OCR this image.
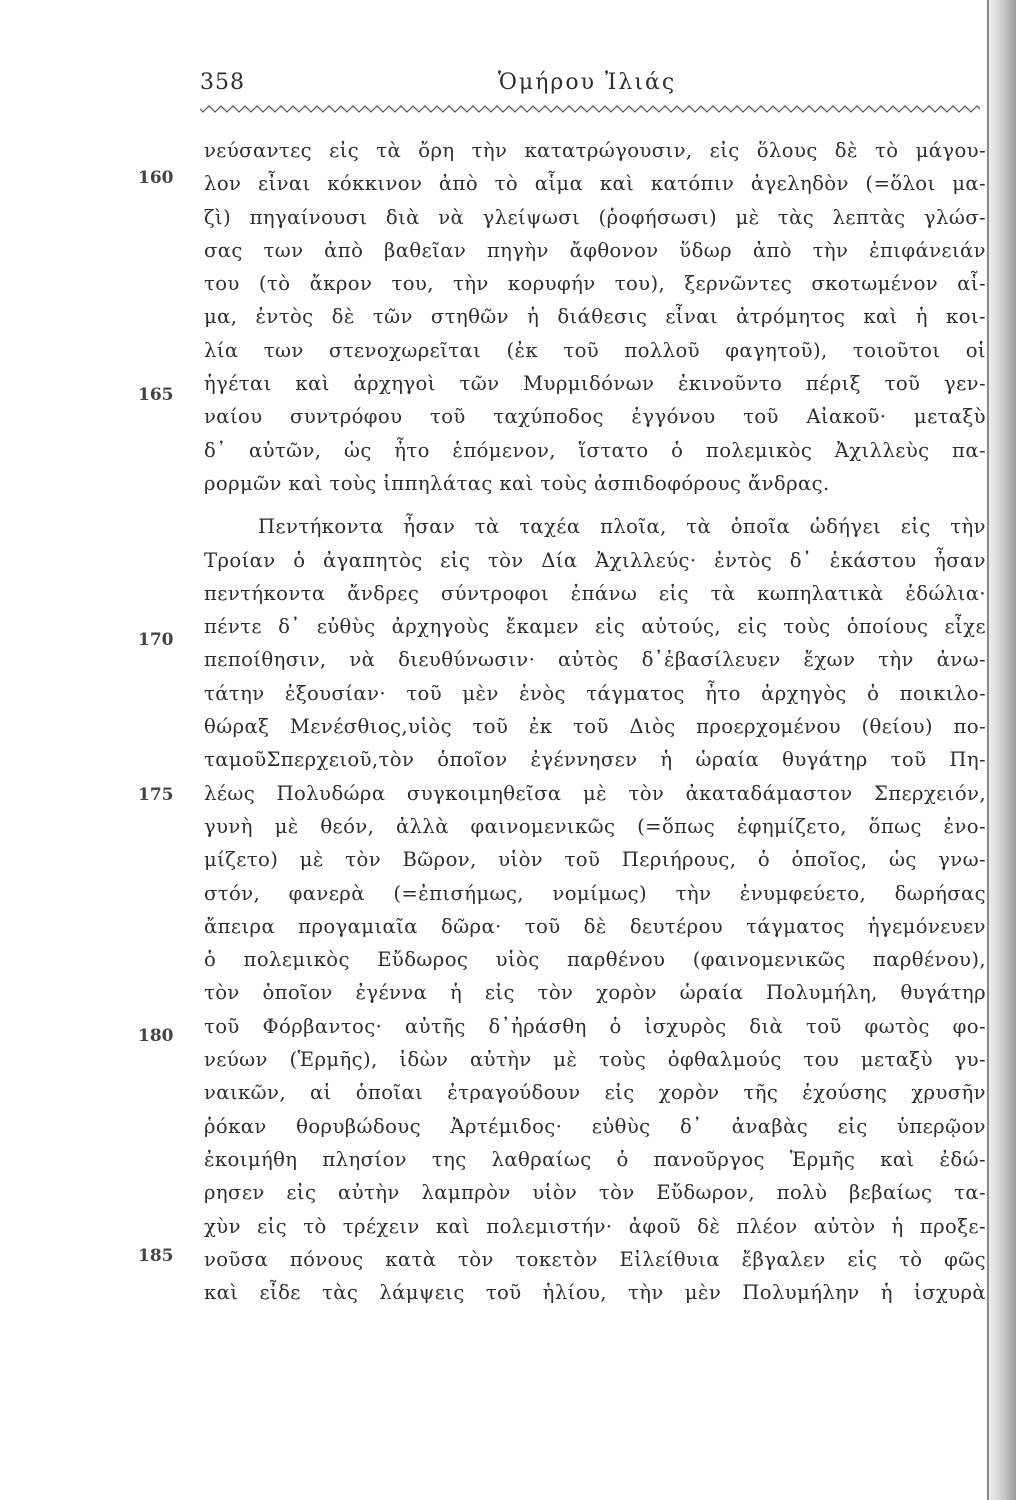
358	Ὁμήρου Ἰλιάς
160
165
170
175
180
185
νεύσαντες εἰς τὰ ὄρη τὴν κατατρώγουσιν, εἰς ὅλους δὲ τὸ μάγου-
λον εἶναι κόκκινον ἀπὸ τὸ αἷμα καὶ κατόπιν ἀγεληδὸν (=ὅλοι μα-
ζὶ) πηγαίνουσι διὰ νὰ γλείψωσι (ῥοφήσωσι) μὲ τὰς λεπτὰς γλώσ-
σας των ἀπὸ βαθεῖαν πηγὴν ἄφθονον ὕδωρ ἀπὸ τὴν ἐπιφάνειάν
του (τὸ ἄκρον του, τὴν κορυφήν του), ξερνῶντες σκοτωμένον αἷ-
μα, ἐντὸς δὲ τῶν στηθῶν ἡ διάθεσις εἶναι ἀτρόμητος καὶ ἡ κοι-
λία των στενοχωρεῖται (ἐκ τοῦ πολλοῦ φαγητοῦ), τοιοῦτοι οἱ
ἡγέται καὶ ἀρχηγοὶ τῶν Μυρμιδόνων ἐκινοῦντο πέριξ τοῦ γεν-
ναίου συντρόφου τοῦ ταχύποδος ἐγγόνου τοῦ Αἰακοῦ· μεταξὺ
δ᾽ αὐτῶν, ὡς ἦτο ἑπόμενον, ἵστατο ὁ πολεμικὸς Ἀχιλλεὺς πα-
ρορμῶν καὶ τοὺς ἱππηλάτας καὶ τοὺς ἀσπιδοφόρους ἄνδρας.
Πεντήκοντα ἦσαν τὰ ταχέα πλοῖα, τὰ ὁποῖα ὡδήγει εἰς τὴν
Τροίαν ὁ ἀγαπητὸς εἰς τὸν Δία Ἀχιλλεύς· ἐντὸς δ᾽ ἑκάστου ἦσαν
πεντήκοντα ἄνδρες σύντροφοι ἐπάνω εἰς τὰ κωπηλατικὰ ἑδώλια·
πέντε δ᾽ εὐθὺς ἀρχηγοὺς ἔκαμεν εἰς αὐτούς, εἰς τοὺς ὁποίους εἶχε
πεποίθησιν, νὰ διευθύνωσιν· αὐτὸς δ᾽ἐβασίλευεν ἔχων τὴν ἀνω-
τάτην ἐξουσίαν· τοῦ μὲν ἑνὸς τάγματος ἦτο ἀρχηγὸς ὁ ποικιλο-
θώραξ Μενέσθιος,υἱὸς τοῦ ἐκ τοῦ Διὸς προερχομένου (θείου) πο-
ταμοῦΣπερχειοῦ,τὸν ὁποῖον ἐγέννησεν ἡ ὡραία θυγάτηρ τοῦ Πη-
λέως Πολυδώρα συγκοιμηθεῖσα μὲ τὸν ἀκαταδάμαστον Σπερχειόν,
γυνὴ μὲ θεόν, ἀλλὰ φαινομενικῶς (=ὅπως ἐφημίζετο, ὅπως ἐνο-
μίζετο) μὲ τὸν Βῶρον, υἱὸν τοῦ Περιήρους, ὁ ὁποῖος, ὡς γνω-
στόν, φανερὰ (=ἐπισήμως, νομίμως) τὴν ἐνυμφεύετο, δωρήσας
ἄπειρα προγαμιαῖα δῶρα· τοῦ δὲ δευτέρου τάγματος ἡγεμόνευεν
ὁ πολεμικὸς Εὔδωρος υἱὸς παρθένου (φαινομενικῶς παρθένου),
τὸν ὁποῖον ἐγέννα ἡ εἰς τὸν χορὸν ὡραία Πολυμήλη, θυγάτηρ
τοῦ Φόρβαντος· αὐτῆς δ᾽ἠράσθη ὁ ἰσχυρὸς διὰ τοῦ φωτὸς φο-
νεύων (Ἑρμῆς), ἰδὼν αὐτὴν μὲ τοὺς ὀφθαλμούς του μεταξὺ γυ-
ναικῶν, αἱ ὁποῖαι ἐτραγούδουν εἰς χορὸν τῆς ἐχούσης χρυσῆν
ῥόκαν θορυβώδους Ἀρτέμιδος· εὐθὺς δ᾽ ἀναβὰς εἰς ὑπερῷον
ἐκοιμήθη πλησίον της λαθραίως ὁ πανοῦργος Ἑρμῆς καὶ ἐδώ-
ρησεν εἰς αὐτὴν λαμπρὸν υἱὸν τὸν Εὔδωρον, πολὺ βεβαίως τα-
χὺν εἰς τὸ τρέχειν καὶ πολεμιστήν· ἀφοῦ δὲ πλέον αὐτὸν ἡ προξε-
νοῦσα πόνους κατὰ τὸν τοκετὸν Εἰλείθυια ἔβγαλεν εἰς τὸ φῶς
καὶ εἶδε τὰς λάμψεις τοῦ ἡλίου, τὴν μὲν Πολυμήλην ἡ ἰσχυρὰ
